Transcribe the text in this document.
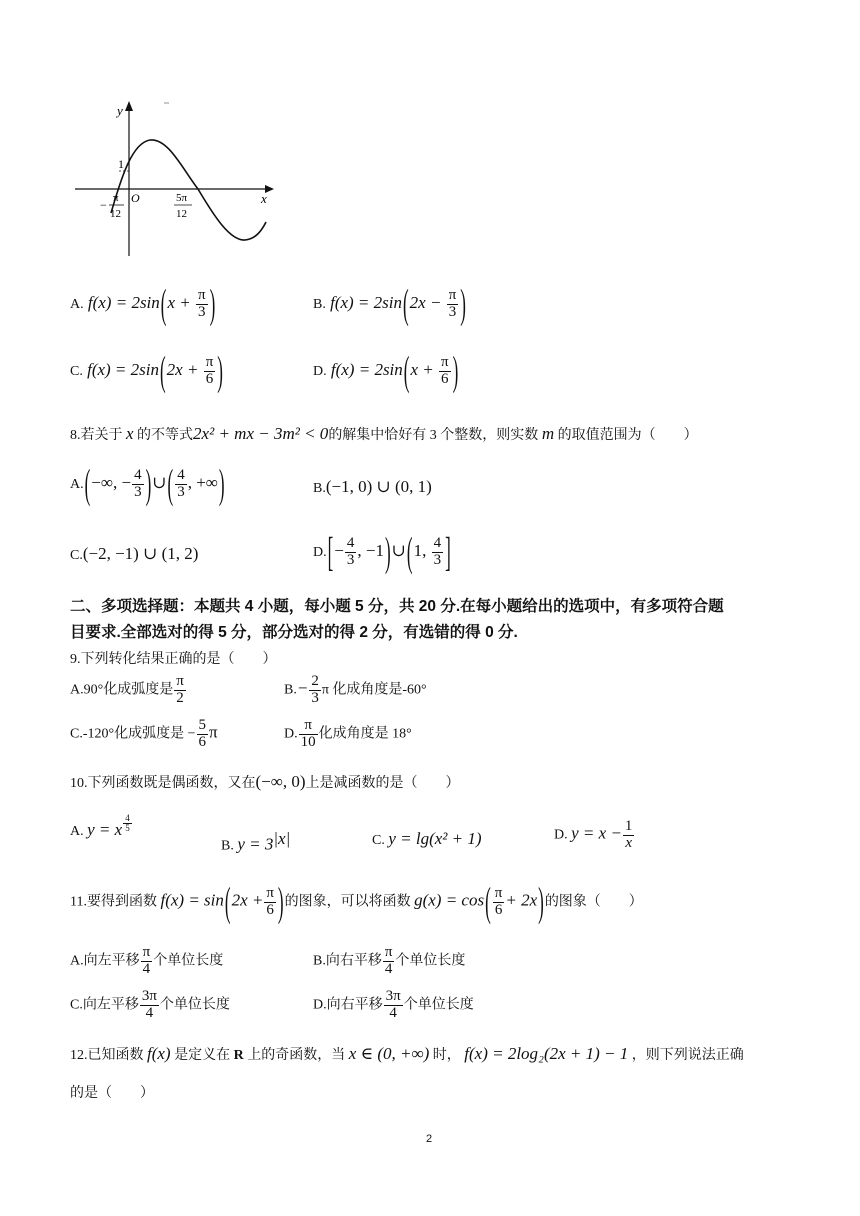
y
x
O
1
− π
12
5π
12
A. $f(x) = 2\sin(x + \frac{\pi}{3}$ )	B. $f(x) = 2\sin(2x - \frac{\pi}{3}$ )
C. $f(x) = 2\sin(2x + \frac{\pi}{6}$ )	D. $f(x) = 2\sin(x + \frac{\pi}{6}$ )
8.若关于 x 的不等式2x² + mx − 3m² < 0的解集中恰好有 3 个整数，则实数 m 的取值范围为（　　）
A.(−∞, − $\frac{4}{3}$ )∪( $\frac{4}{3}$ , +∞)	B.(−1, 0) ∪ (0, 1)
C.(−2, −1) ∪ (1, 2)	$D.[- \frac{4}{3}$ , −1)∪(1, $\frac{4}{3}$ ]
二、多项选择题：本题共 4 小题，每小题 5 分，共 20 分.在每小题给出的选项中，有多项符合题
目要求.全部选对的得 5 分，部分选对的得 2 分，有选错的得 0 分.
9.下列转化结果正确的是（　　）
A.90°化成弧度是 $\frac{\pi}{2}$	$B.- \frac{2}{3}$ π 化成角度是-60°
C.-120°化成弧度是 − $\frac{5}{6}$ π	D. $\frac{\pi}{10}$ 化成角度是 18°
10.下列函数既是偶函数，又在(−∞, 0)上是减函数的是（　　）
A. y = x $\frac{4}{5}$
B. $y = 3^{|x|}$	C. y = lg(x² + 1)	D. $y = x - \frac{1}{x}$
11.要得到函数 $f(x) = \sin(2x + \frac{\pi}{6}$ )的图象，可以将函数 $g(x) = \cos( \frac{\pi}{6} + 2x)$的图象（　　）
A.向左平移 $\frac{\pi}{4}$ 个单位长度	B.向右平移 $\frac{\pi}{4}$ 个单位长度
C.向左平移 $\frac{3\pi}{4}$ 个单位长度	D.向右平移 $\frac{3\pi}{4}$ 个单位长度
12.已知函数 f(x) 是定义在 R 上的奇函数，当 x ∈ (0, +∞) 时， f(x) = 2log₂(2x + 1) − 1 ，则下列说法正确
的是（　　）
2
